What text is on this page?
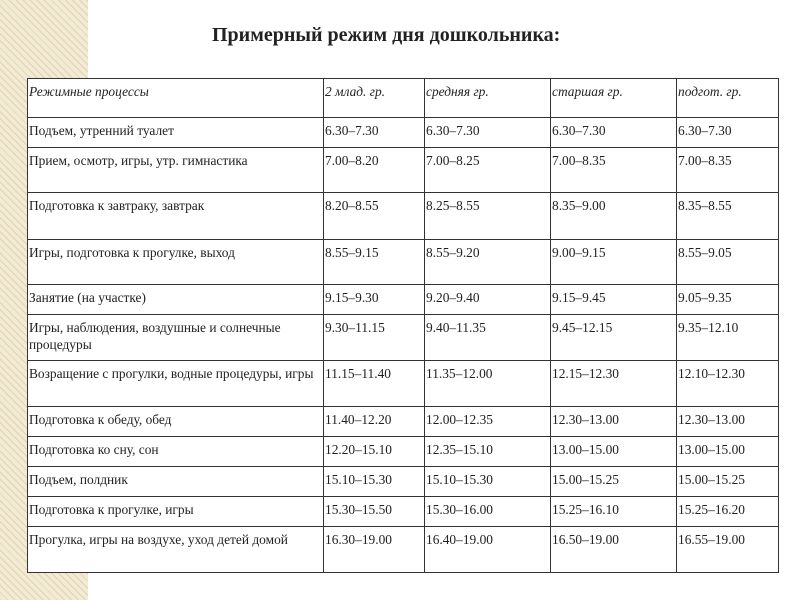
Примерный режим дня дошкольника:
Режимные процессы	2 млад. гр.	средняя гр.	старшая гр.	подгот. гр.
Подъем, утренний туалет	6.30–7.30	6.30–7.30	6.30–7.30	6.30–7.30
Прием, осмотр, игры, утр. гимнастика	7.00–8.20	7.00–8.25	7.00–8.35	7.00–8.35
Подготовка к завтраку, завтрак	8.20–8.55	8.25–8.55	8.35–9.00	8.35–8.55
Игры, подготовка к прогулке, выход	8.55–9.15	8.55–9.20	9.00–9.15	8.55–9.05
Занятие (на участке)	9.15–9.30	9.20–9.40	9.15–9.45	9.05–9.35
Игры, наблюдения, воздушные и солнечные процедуры	9.30–11.15	9.40–11.35	9.45–12.15	9.35–12.10
Возращение с прогулки, водные процедуры, игры	11.15–11.40	11.35–12.00	12.15–12.30	12.10–12.30
Подготовка к обеду, обед	11.40–12.20	12.00–12.35	12.30–13.00	12.30–13.00
Подготовка ко сну, сон	12.20–15.10	12.35–15.10	13.00–15.00	13.00–15.00
Подъем, полдник	15.10–15.30	15.10–15.30	15.00–15.25	15.00–15.25
Подготовка к прогулке, игры	15.30–15.50	15.30–16.00	15.25–16.10	15.25–16.20
Прогулка, игры на воздухе, уход детей домой	16.30–19.00	16.40–19.00	16.50–19.00	16.55–19.00
